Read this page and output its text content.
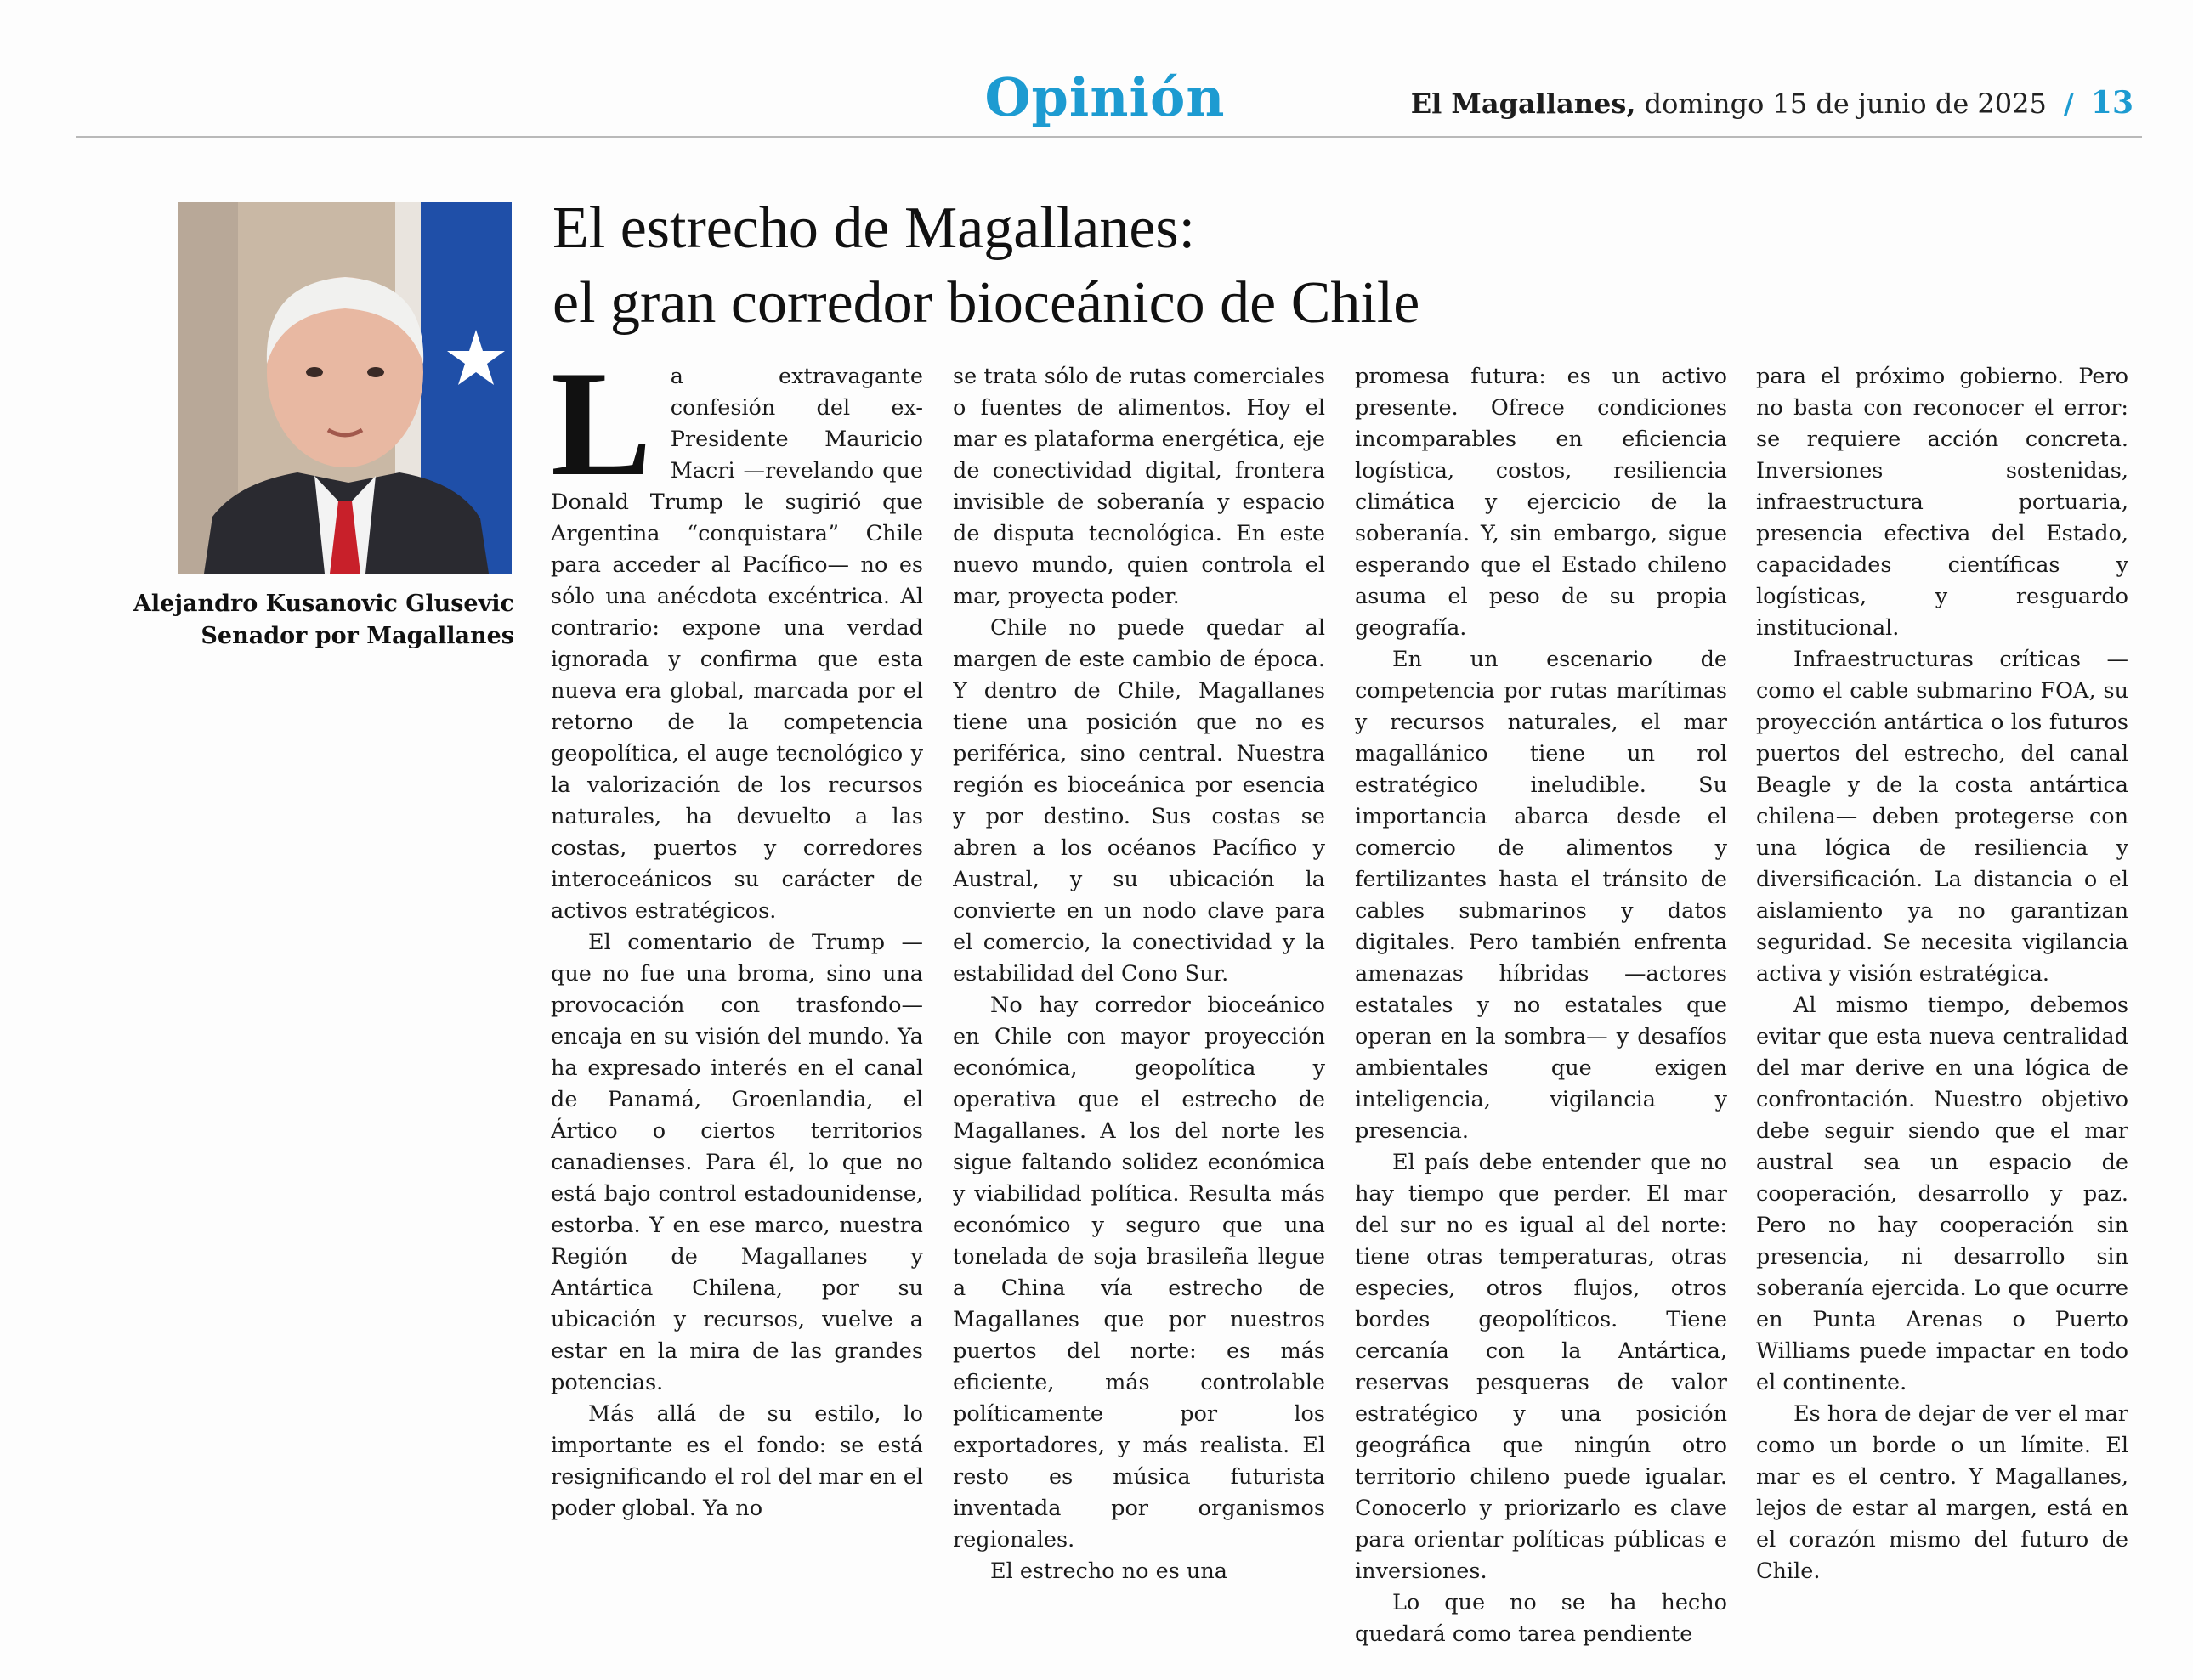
Opinión	El Magallanes, domingo 15 de junio de 2025 / 13
Alejandro Kusanovic Glusevic
Senador por Magallanes
El estrecho de Magallanes:
el gran corredor bioceánico de Chile

La extravagante confesión del ex-Presidente Mauricio Macri —revelando que Donald Trump le sugirió que Argentina “conquistara” Chile para acceder al Pacífico— no es sólo una anécdota excéntrica. Al contrario: expone una verdad ignorada y confirma que esta nueva era global, marcada por el retorno de la competencia geopolítica, el auge tecnológico y la valorización de los recursos naturales, ha devuelto a las costas, puertos y corredores interoceánicos su carácter de activos estratégicos.

El comentario de Trump —que no fue una broma, sino una provocación con trasfondo— encaja en su visión del mundo. Ya ha expresado interés en el canal de Panamá, Groenlandia, el Ártico o ciertos territorios canadienses. Para él, lo que no está bajo control estadounidense, estorba. Y en ese marco, nuestra Región de Magallanes y Antártica Chilena, por su ubicación y recursos, vuelve a estar en la mira de las grandes potencias.

Más allá de su estilo, lo importante es el fondo: se está resignificando el rol del mar en el poder global. Ya no

se trata sólo de rutas comerciales o fuentes de alimentos. Hoy el mar es plataforma energética, eje de conectividad digital, frontera invisible de soberanía y espacio de disputa tecnológica. En este nuevo mundo, quien controla el mar, proyecta poder.

Chile no puede quedar al margen de este cambio de época. Y dentro de Chile, Magallanes tiene una posición que no es periférica, sino central. Nuestra región es bioceánica por esencia y por destino. Sus costas se abren a los océanos Pacífico y Austral, y su ubicación la convierte en un nodo clave para el comercio, la conectividad y la estabilidad del Cono Sur.

No hay corredor bioceánico en Chile con mayor proyección económica, geopolítica y operativa que el estrecho de Magallanes. A los del norte les sigue faltando solidez económica y viabilidad política. Resulta más económico y seguro que una tonelada de soja brasileña llegue a China vía estrecho de Magallanes que por nuestros puertos del norte: es más eficiente, más controlable políticamente por los exportadores, y más realista. El resto es música futurista inventada por organismos regionales.

El estrecho no es una

promesa futura: es un activo presente. Ofrece condiciones incomparables en eficiencia logística, costos, resiliencia climática y ejercicio de la soberanía. Y, sin embargo, sigue esperando que el Estado chileno asuma el peso de su propia geografía.

En un escenario de competencia por rutas marítimas y recursos naturales, el mar magallánico tiene un rol estratégico ineludible. Su importancia abarca desde el comercio de alimentos y fertilizantes hasta el tránsito de cables submarinos y datos digitales. Pero también enfrenta amenazas híbridas —actores estatales y no estatales que operan en la sombra— y desafíos ambientales que exigen inteligencia, vigilancia y presencia.

El país debe entender que no hay tiempo que perder. El mar del sur no es igual al del norte: tiene otras temperaturas, otras especies, otros flujos, otros bordes geopolíticos. Tiene cercanía con la Antártica, reservas pesqueras de valor estratégico y una posición geográfica que ningún otro territorio chileno puede igualar. Conocerlo y priorizarlo es clave para orientar políticas públicas e inversiones.

Lo que no se ha hecho quedará como tarea pendiente

para el próximo gobierno. Pero no basta con reconocer el error: se requiere acción concreta. Inversiones sostenidas, infraestructura portuaria, presencia efectiva del Estado, capacidades científicas y logísticas, y resguardo institucional.

Infraestructuras críticas —como el cable submarino FOA, su proyección antártica o los futuros puertos del estrecho, del canal Beagle y de la costa antártica chilena— deben protegerse con una lógica de resiliencia y diversificación. La distancia o el aislamiento ya no garantizan seguridad. Se necesita vigilancia activa y visión estratégica.

Al mismo tiempo, debemos evitar que esta nueva centralidad del mar derive en una lógica de confrontación. Nuestro objetivo debe seguir siendo que el mar austral sea un espacio de cooperación, desarrollo y paz. Pero no hay cooperación sin presencia, ni desarrollo sin soberanía ejercida. Lo que ocurre en Punta Arenas o Puerto Williams puede impactar en todo el continente.

Es hora de dejar de ver el mar como un borde o un límite. El mar es el centro. Y Magallanes, lejos de estar al margen, está en el corazón mismo del futuro de Chile.
